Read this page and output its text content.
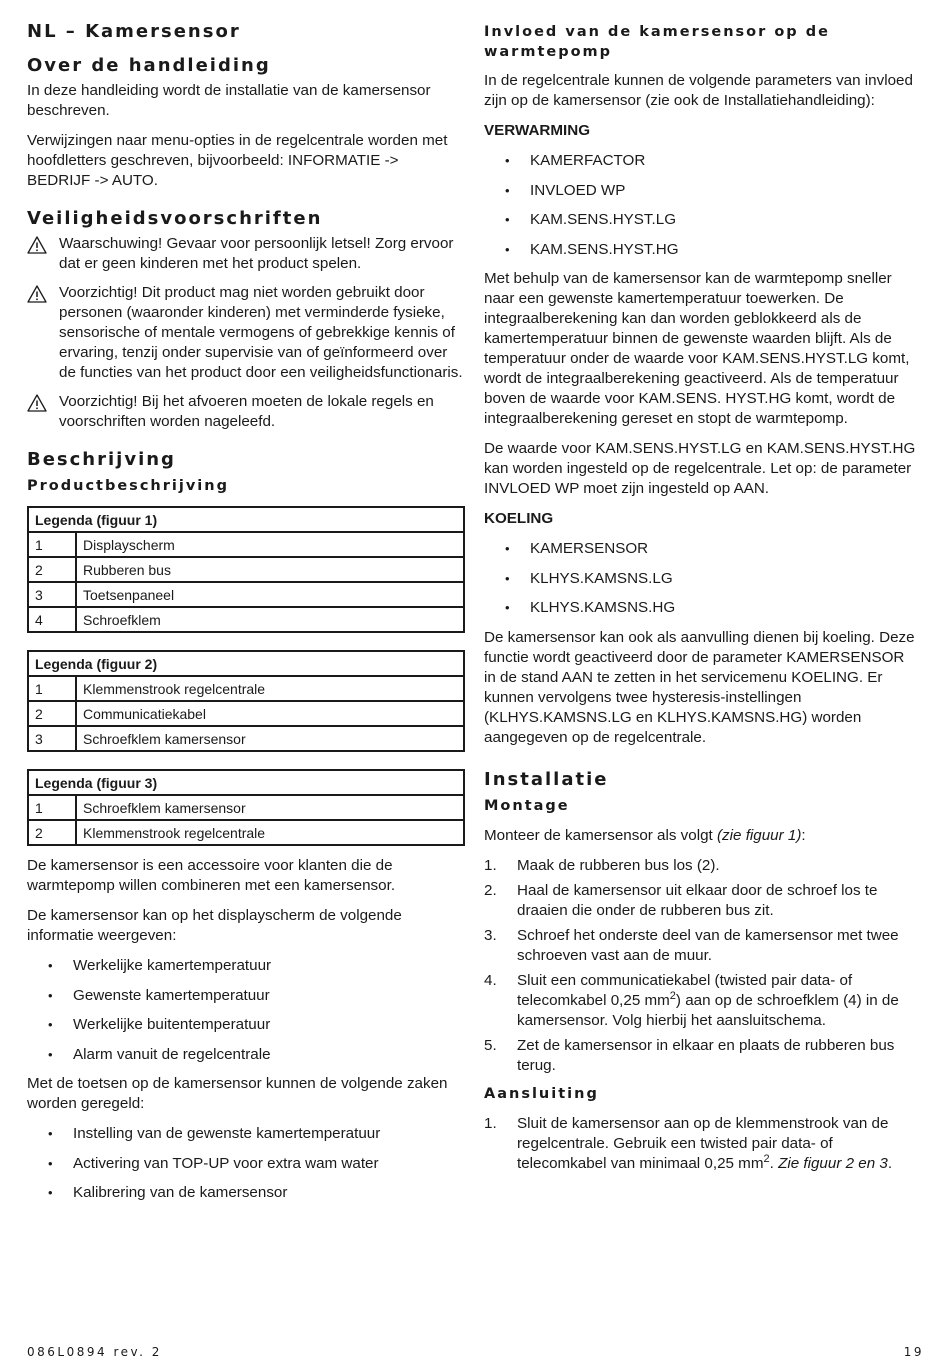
NL – Kamersensor
Over de handleiding

In deze handleiding wordt de installatie van de kamersensor beschreven.

Verwijzingen naar menu-opties in de regelcentrale worden met hoofdletters geschreven, bijvoorbeeld: INFORMATIE -> BEDRIJF -> AUTO.

Veiligheidsvoorschriften
Waarschuwing! Gevaar voor persoonlijk letsel! Zorg ervoor dat er geen kinderen met het product spelen.
Voorzichtig! Dit product mag niet worden gebruikt door personen (waaronder kinderen) met verminderde fysieke, sensorische of mentale vermogens of gebrekkige kennis of ervaring, tenzij onder supervisie van of geïnformeerd over de functies van het product door een veiligheidsfunctionaris.
Voorzichtig! Bij het afvoeren moeten de lokale regels en voorschriften worden nageleefd.
Beschrijving
Productbeschrijving
Legenda (figuur 1)	
1	Displayscherm
2	Rubberen bus
3	Toetsenpaneel
4	Schroefklem
Legenda (figuur 2)	
1	Klemmenstrook regelcentrale
2	Communicatiekabel
3	Schroefklem kamersensor
Legenda (figuur 3)	
1	Schroefklem kamersensor
2	Klemmenstrook regelcentrale

De kamersensor is een accessoire voor klanten die de warmtepomp willen combineren met een kamersensor.

De kamersensor kan op het displayscherm de volgende informatie weergeven:

• Werkelijke kamertemperatuur
• Gewenste kamertemperatuur
• Werkelijke buitentemperatuur
• Alarm vanuit de regelcentrale

Met de toetsen op de kamersensor kunnen de volgende zaken worden geregeld:

• Instelling van de gewenste kamertemperatuur
• Activering van TOP-UP voor extra wam water
• Kalibrering van de kamersensor
Invloed van de kamersensor op de warmtepomp

In de regelcentrale kunnen de volgende parameters van invloed zijn op de kamersensor (zie ook de Installatiehandleiding):

VERWARMING
• KAMERFACTOR
• INVLOED WP
• KAM.SENS.HYST.LG
• KAM.SENS.HYST.HG

Met behulp van de kamersensor kan de warmtepomp sneller naar een gewenste kamertemperatuur toewerken. De integraalberekening kan dan worden geblokkeerd als de kamertemperatuur binnen de gewenste waarden blijft. Als de temperatuur onder de waarde voor KAM.SENS.HYST.LG komt, wordt de integraalberekening geactiveerd. Als de temperatuur boven de waarde voor KAM.SENS. HYST.HG komt, wordt de integraalberekening gereset en stopt de warmtepomp.

De waarde voor KAM.SENS.HYST.LG en KAM.SENS.HYST.HG kan worden ingesteld op de regelcentrale. Let op: de parameter INVLOED WP moet zijn ingesteld op AAN.

KOELING
• KAMERSENSOR
• KLHYS.KAMSNS.LG
• KLHYS.KAMSNS.HG

De kamersensor kan ook als aanvulling dienen bij koeling. Deze functie wordt geactiveerd door de parameter KAMERSENSOR in de stand AAN te zetten in het servicemenu KOELING. Er kunnen vervolgens twee hysteresis-instellingen (KLHYS.KAMSNS.LG en KLHYS.KAMSNS.HG) worden aangegeven op de regelcentrale.

Installatie
Montage

Monteer de kamersensor als volgt (zie figuur 1):

1. Maak de rubberen bus los (2).
2. Haal de kamersensor uit elkaar door de schroef los te draaien die onder de rubberen bus zit.
3. Schroef het onderste deel van de kamersensor met twee schroeven vast aan de muur.
4. Sluit een communicatiekabel (twisted pair data- of telecomkabel 0,25 $mm^2$) aan op de schroefklem (4) in de kamersensor. Volg hierbij het aansluitschema.
5. Zet de kamersensor in elkaar en plaats de rubberen bus terug.
Aansluiting
1. Sluit de kamersensor aan op de klemmenstrook van de regelcentrale. Gebruik een twisted pair data- of telecomkabel van minimaal 0,25 $mm^2$. Zie figuur 2 en 3.
086L0894 rev. 2	19
